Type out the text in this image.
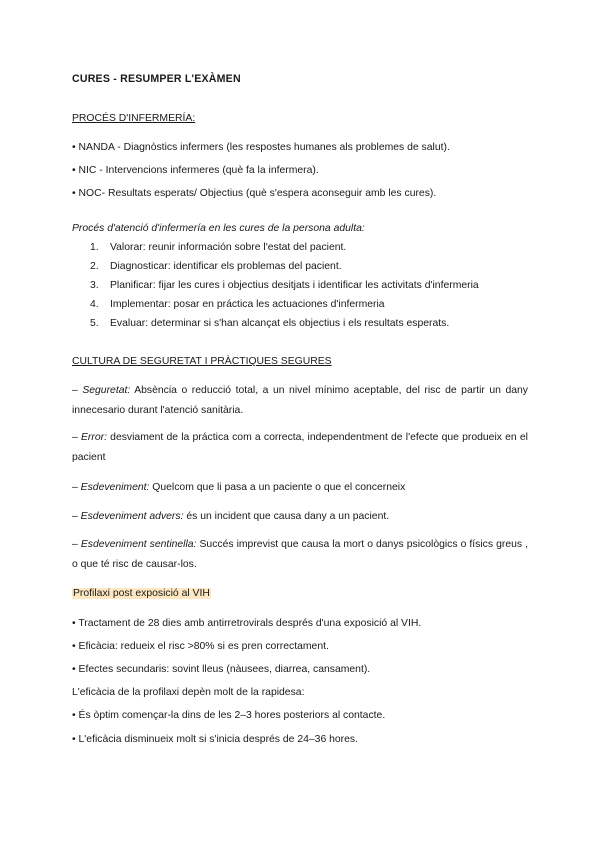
CURES - RESUMPER L'EXÀMEN
PROCÉS D'INFERMERÍA:
• NANDA - Diagnòstics infermers (les respostes humanes als problemes de salut).
• NIC - Intervencions infermeres (què fa la infermera).
• NOC- Resultats esperats/ Objectius (què s'espera aconseguir amb les cures).
Procés d'atenció d'infermería en les cures de la persona adulta:
1. Valorar: reunir información sobre l'estat del pacient.
2. Diagnosticar: identificar els problemas del pacient.
3. Planificar: fijar les cures i objectius desitjats i identificar les activitats d'infermeria
4. Implementar: posar en práctica les actuaciones d'infermeria
5. Evaluar: determinar si s'han alcançat els objectius i els resultats esperats.
CULTURA DE SEGURETAT I PRÀCTIQUES SEGURES
– Seguretat: Absència o reducció total, a un nivel mínimo aceptable, del risc de partir un dany innecesario durant l'atenció sanitària.
– Error: desviament de la práctica com a correcta, independentment de l'efecte que produeix en el pacient
– Esdeveniment: Quelcom que li pasa a un paciente o que el concerneix
– Esdeveniment advers: és un incident que causa dany a un pacient.
– Esdeveniment sentinella: Succés imprevist que causa la mort o danys psicològics o físics greus , o que té risc de causar-los.
Profilaxi post exposició al VIH
• Tractament de 28 dies amb antirretrovirals després d'una exposició al VIH.
• Eficàcia: redueix el risc >80% si es pren correctament.
• Efectes secundaris: sovint lleus (nàusees, diarrea, cansament).
L'eficàcia de la profilaxi depèn molt de la rapidesa:
• És òptim començar-la dins de les 2–3 hores posteriors al contacte.
• L'eficàcia disminueix molt si s'inicia després de 24–36 hores.
